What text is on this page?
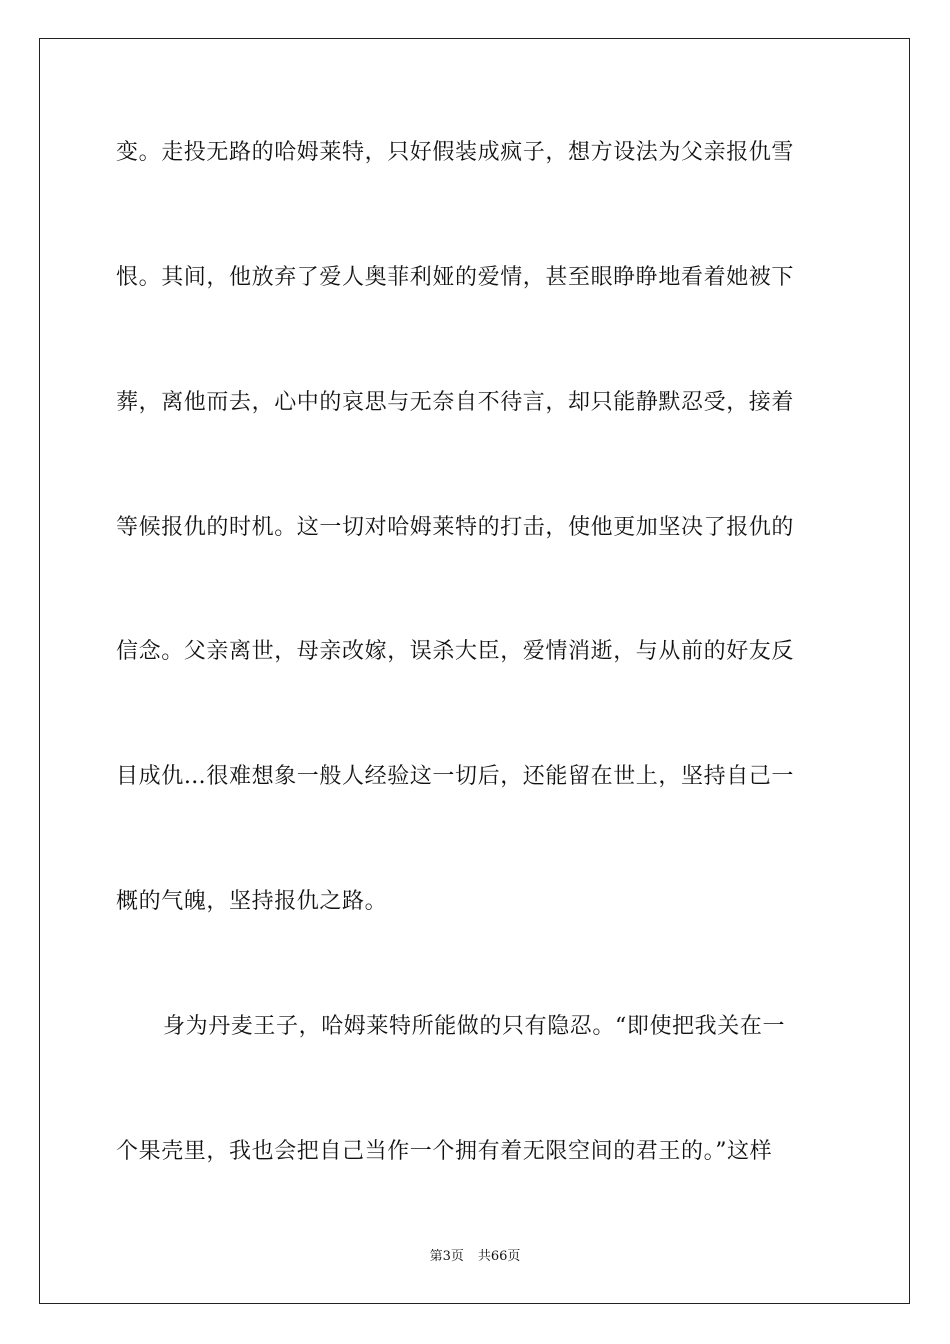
变。走投无路的哈姆莱特，只好假装成疯子，想方设法为父亲报仇雪
恨。其间，他放弃了爱人奥菲利娅的爱情，甚至眼睁睁地看着她被下
葬，离他而去，心中的哀思与无奈自不待言，却只能静默忍受，接着
等候报仇的时机。这一切对哈姆莱特的打击，使他更加坚决了报仇的
信念。父亲离世，母亲改嫁，误杀大臣，爱情消逝，与从前的好友反
目成仇…很难想象一般人经验这一切后，还能留在世上，坚持自己一
概的气魄，坚持报仇之路。
身为丹麦王子，哈姆莱特所能做的只有隐忍。“即使把我关在一
个果壳里，我也会把自己当作一个拥有着无限空间的君王的。”这样
第3页 共66页
